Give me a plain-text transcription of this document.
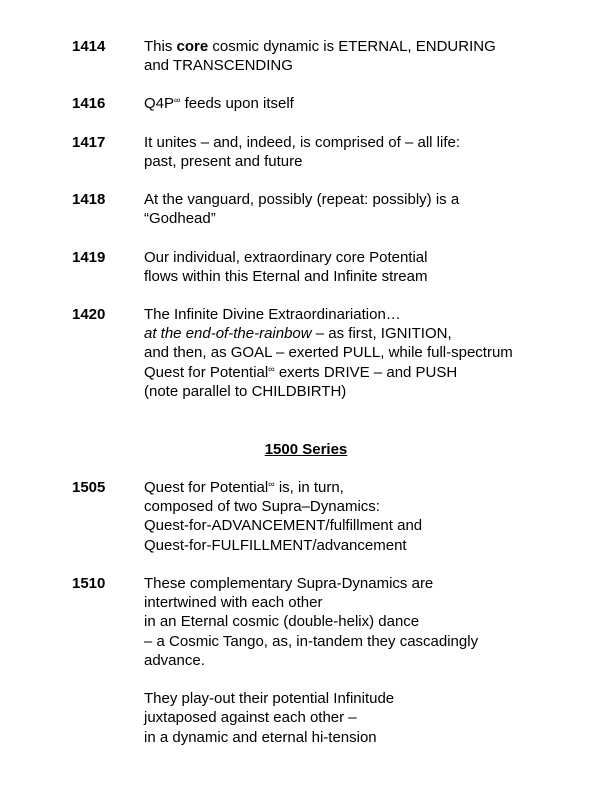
1414	This core cosmic dynamic is ETERNAL, ENDURING
and TRANSCENDING
1416	Q4P∞ feeds upon itself
1417	It unites – and, indeed, is comprised of – all life:
past, present and future
1418	At the vanguard, possibly (repeat: possibly) is a
“Godhead”
1419	Our individual, extraordinary core Potential
flows within this Eternal and Infinite stream
1420	The Infinite Divine Extraordinariation…
at the end-of-the-rainbow – as first, IGNITION,
and then, as GOAL – exerted PULL, while full-spectrum
Quest for Potential∞ exerts DRIVE – and PUSH
(note parallel to CHILDBIRTH)
1500 Series
1505	Quest for Potential∞ is, in turn,
composed of two Supra–Dynamics:
Quest-for-ADVANCEMENT/fulfillment and
Quest-for-FULFILLMENT/advancement
1510	These complementary Supra-Dynamics are
intertwined with each other
in an Eternal cosmic (double-helix) dance
– a Cosmic Tango, as, in-tandem they cascadingly
advance.
They play-out their potential Infinitude
juxtaposed against each other –
in a dynamic and eternal hi-tension
